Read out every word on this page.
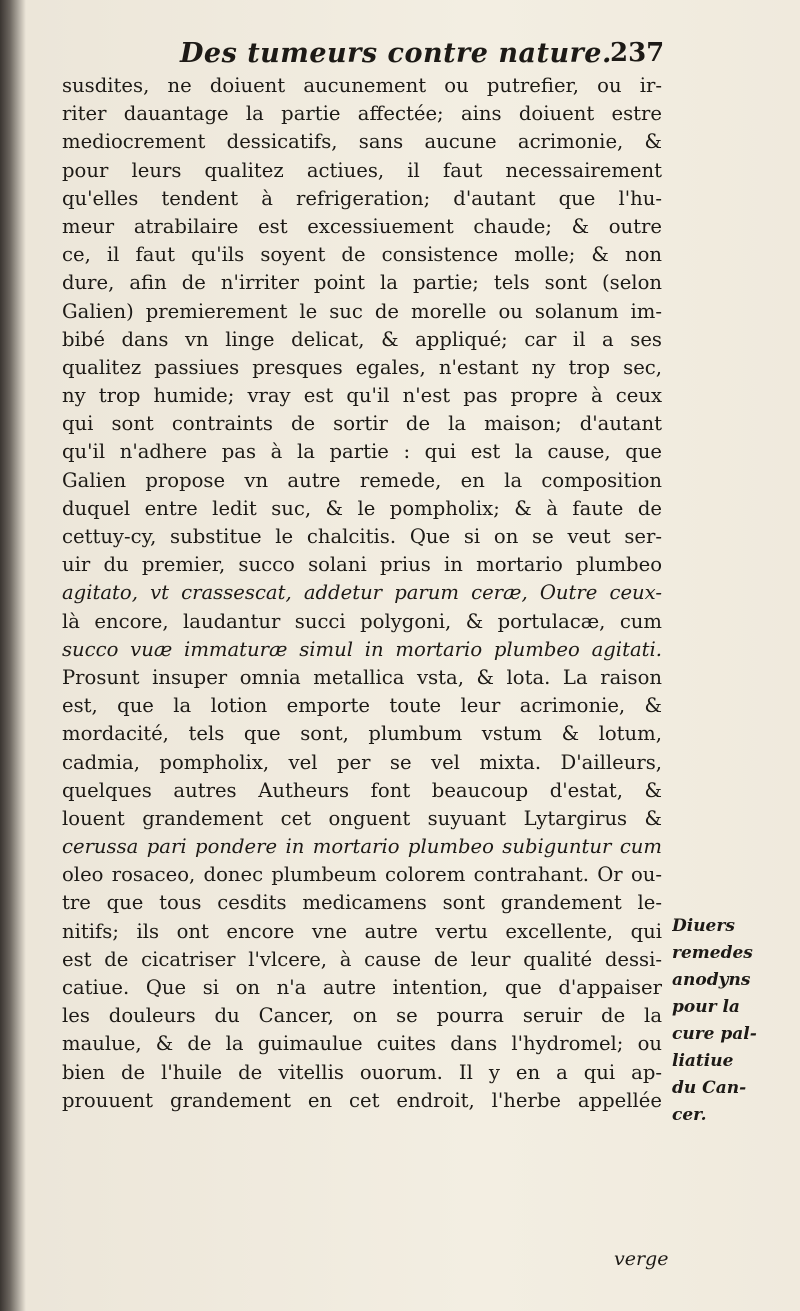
Des tumeurs contre nature.
237
susdites, ne doiuent aucunement ou putrefier, ou ir-
riter dauantage la partie affectée; ains doiuent estre
mediocrement dessicatifs, sans aucune acrimonie, &
pour leurs qualitez actiues, il faut necessairement
qu'elles tendent à refrigeration; d'autant que l'hu-
meur atrabilaire est excessiuement chaude; & outre
ce, il faut qu'ils soyent de consistence molle; & non
dure, afin de n'irriter point la partie; tels sont (selon
Galien) premierement le suc de morelle ou solanum im-
bibé dans vn linge delicat, & appliqué; car il a ses
qualitez passiues presques egales, n'estant ny trop sec,
ny trop humide; vray est qu'il n'est pas propre à ceux
qui sont contraints de sortir de la maison; d'autant
qu'il n'adhere pas à la partie : qui est la cause, que
Galien propose vn autre remede, en la composition
duquel entre ledit suc, & le pompholix; & à faute de
cettuy-cy, substitue le chalcitis. Que si on se veut ser-
uir du premier, succo solani prius in mortario plumbeo
agitato, vt crassescat, addetur parum ceræ, Outre ceux-
là encore, laudantur succi polygoni, & portulacæ, cum
succo vuæ immaturæ simul in mortario plumbeo agitati.
Prosunt insuper omnia metallica vsta, & lota. La raison
est, que la lotion emporte toute leur acrimonie, &
mordacité, tels que sont, plumbum vstum & lotum,
cadmia, pompholix, vel per se vel mixta. D'ailleurs,
quelques autres Autheurs font beaucoup d'estat, &
louent grandement cet onguent suyuant Lytargirus &
cerussa pari pondere in mortario plumbeo subiguntur cum
oleo rosaceo, donec plumbeum colorem contrahant. Or ou-
tre que tous cesdits medicamens sont grandement le-
nitifs; ils ont encore vne autre vertu excellente, qui
est de cicatriser l'vlcere, à cause de leur qualité dessi-
catiue. Que si on n'a autre intention, que d'appaiser
les douleurs du Cancer, on se pourra seruir de la
maulue, & de la guimaulue cuites dans l'hydromel; ou
bien de l'huile de vitellis ouorum. Il y en a qui ap-
prouuent grandement en cet endroit, l'herbe appellée
Diuers
remedes
anodyns
pour la
cure pal-
liatiue
du Can-
cer.
verge
